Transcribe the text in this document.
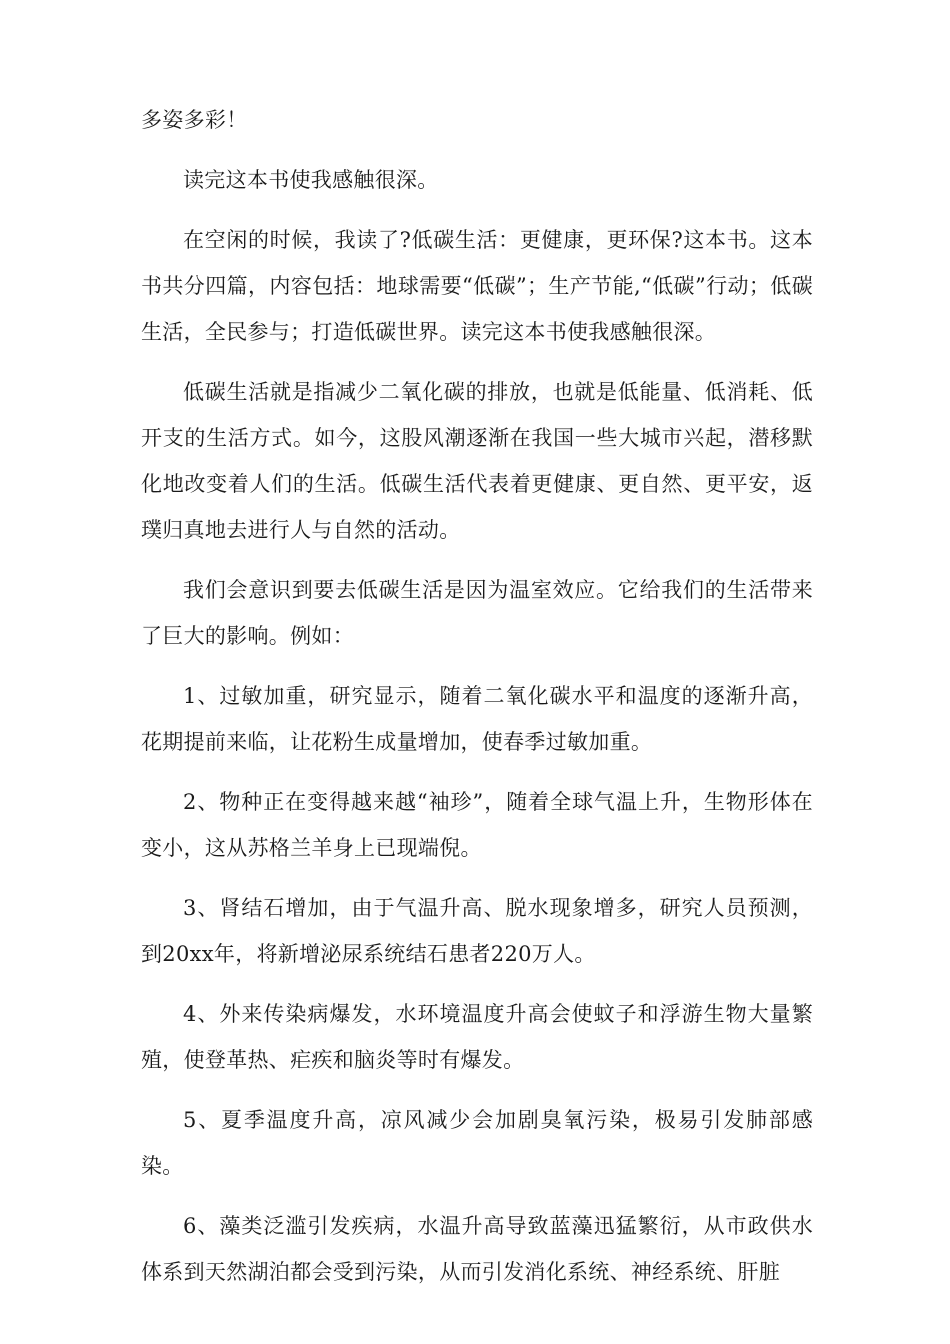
多姿多彩！

读完这本书使我感触很深。

在空闲的时候，我读了?低碳生活：更健康，更环保?这本书。这本书共分四篇，内容包括：地球需要“低碳”；生产节能,“低碳”行动；低碳生活，全民参与；打造低碳世界。读完这本书使我感触很深。

低碳生活就是指减少二氧化碳的排放，也就是低能量、低消耗、低开支的生活方式。如今，这股风潮逐渐在我国一些大城市兴起，潜移默化地改变着人们的生活。低碳生活代表着更健康、更自然、更平安，返璞归真地去进行人与自然的活动。

我们会意识到要去低碳生活是因为温室效应。它给我们的生活带来了巨大的影响。例如：

1、过敏加重，研究显示，随着二氧化碳水平和温度的逐渐升高，花期提前来临，让花粉生成量增加，使春季过敏加重。

2、物种正在变得越来越“袖珍”，随着全球气温上升，生物形体在变小，这从苏格兰羊身上已现端倪。

3、肾结石增加，由于气温升高、脱水现象增多，研究人员预测，到20xx年，将新增泌尿系统结石患者220万人。

4、外来传染病爆发，水环境温度升高会使蚊子和浮游生物大量繁殖，使登革热、疟疾和脑炎等时有爆发。

5、夏季温度升高，凉风减少会加剧臭氧污染，极易引发肺部感染。

6、藻类泛滥引发疾病，水温升高导致蓝藻迅猛繁衍，从市政供水体系到天然湖泊都会受到污染，从而引发消化系统、神经系统、肝脏
